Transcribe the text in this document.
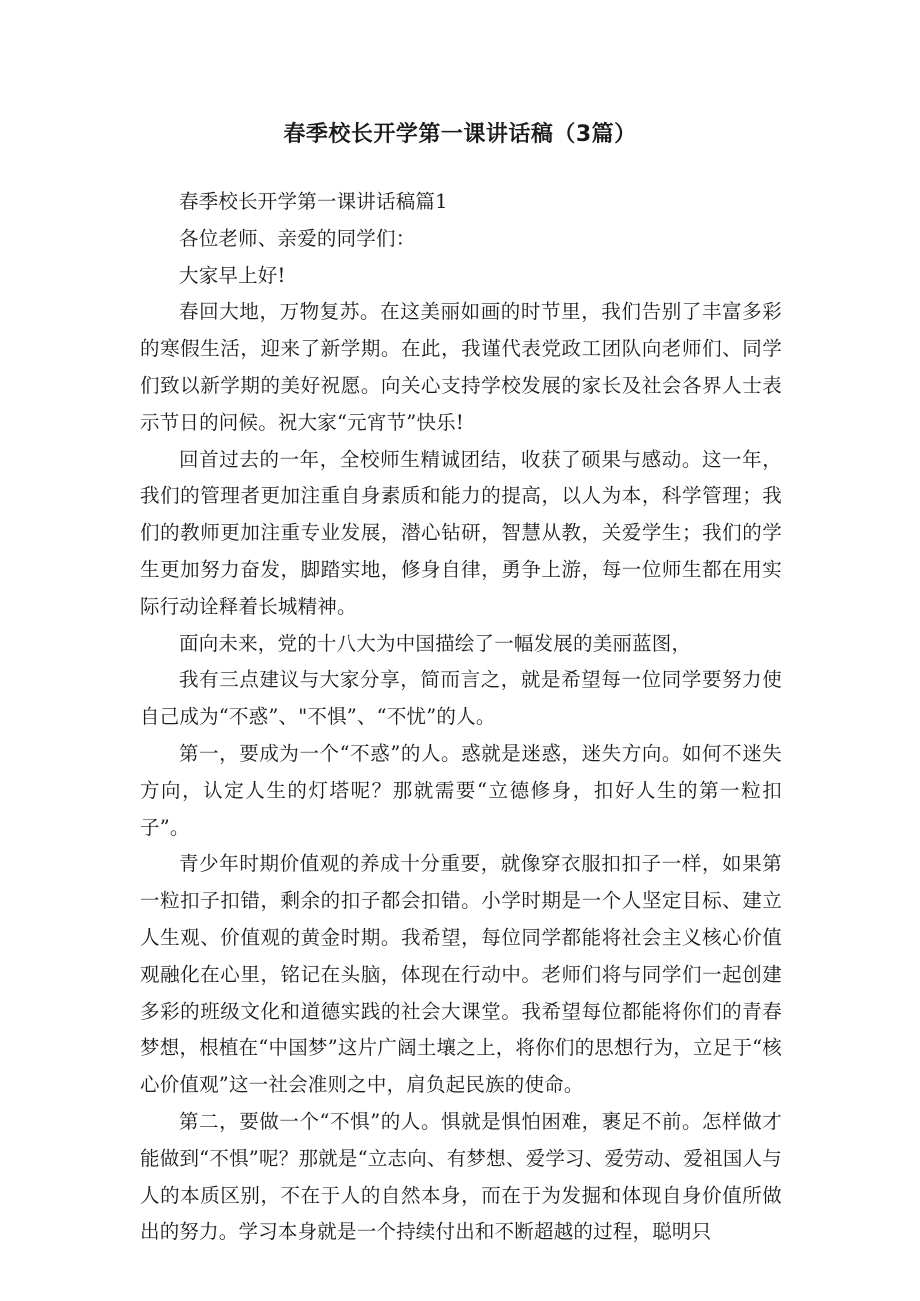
春季校长开学第一课讲话稿（3篇）

春季校长开学第一课讲话稿篇1

各位老师、亲爱的同学们：

大家早上好!

春回大地，万物复苏。在这美丽如画的时节里，我们告别了丰富多彩的寒假生活，迎来了新学期。在此，我谨代表党政工团队向老师们、同学们致以新学期的美好祝愿。向关心支持学校发展的家长及社会各界人士表示节日的问候。祝大家“元宵节”快乐!

回首过去的一年，全校师生精诚团结，收获了硕果与感动。这一年，我们的管理者更加注重自身素质和能力的提高，以人为本，科学管理；我们的教师更加注重专业发展，潜心钻研，智慧从教，关爱学生；我们的学生更加努力奋发，脚踏实地，修身自律，勇争上游，每一位师生都在用实际行动诠释着长城精神。

面向未来，党的十八大为中国描绘了一幅发展的美丽蓝图，

我有三点建议与大家分享，简而言之，就是希望每一位同学要努力使自己成为“不惑”、"不惧”、“不忧”的人。

第一，要成为一个“不惑”的人。惑就是迷惑，迷失方向。如何不迷失方向，认定人生的灯塔呢？那就需要“立德修身，扣好人生的第一粒扣子”。

青少年时期价值观的养成十分重要，就像穿衣服扣扣子一样，如果第一粒扣子扣错，剩余的扣子都会扣错。小学时期是一个人坚定目标、建立人生观、价值观的黄金时期。我希望，每位同学都能将社会主义核心价值观融化在心里，铭记在头脑，体现在行动中。老师们将与同学们一起创建多彩的班级文化和道德实践的社会大课堂。我希望每位都能将你们的青春梦想，根植在“中国梦”这片广阔土壤之上，将你们的思想行为，立足于“核心价值观”这一社会准则之中，肩负起民族的使命。

第二，要做一个“不惧”的人。惧就是惧怕困难，裹足不前。怎样做才能做到“不惧”呢？那就是“立志向、有梦想、爱学习、爱劳动、爱祖国人与人的本质区别，不在于人的自然本身，而在于为发掘和体现自身价值所做出的努力。学习本身就是一个持续付出和不断超越的过程，聪明只
